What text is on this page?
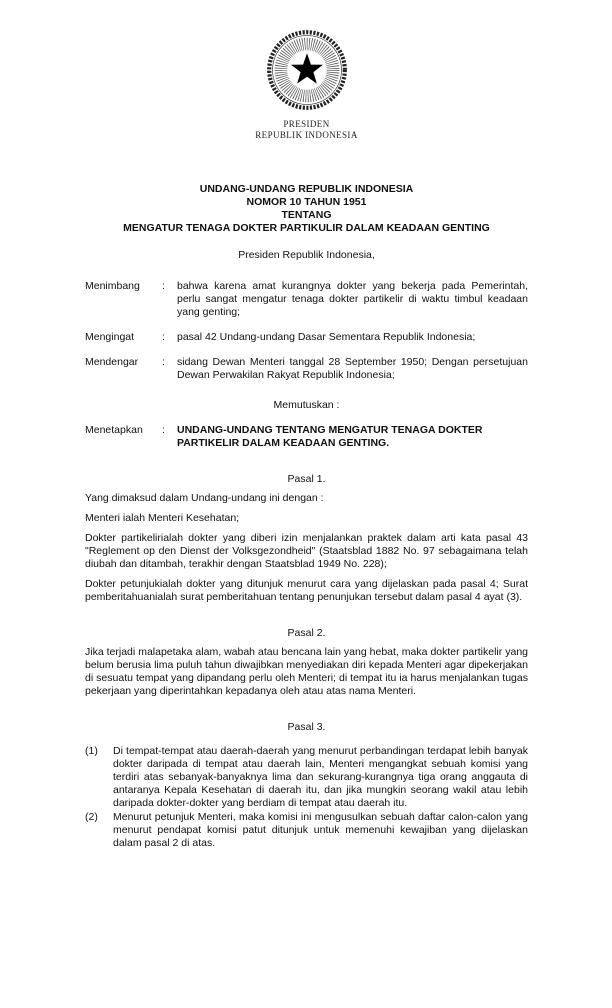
PRESIDEN
REPUBLIK INDONESIA
UNDANG-UNDANG REPUBLIK INDONESIA
NOMOR 10 TAHUN 1951
TENTANG
MENGATUR TENAGA DOKTER PARTIKULIR DALAM KEADAAN GENTING
Presiden Republik Indonesia,
Menimbang	:	bahwa karena amat kurangnya dokter yang bekerja pada Pemerintah, perlu sangat mengatur tenaga dokter partikelir di waktu timbul keadaan yang genting;
Mengingat	:	pasal 42 Undang-undang Dasar Sementara Republik Indonesia;
Mendengar	:	sidang Dewan Menteri tanggal 28 September 1950; Dengan persetujuan Dewan Perwakilan Rakyat Republik Indonesia;
Memutuskan :
Menetapkan	:	UNDANG-UNDANG TENTANG MENGATUR TENAGA DOKTER PARTIKELIR DALAM KEADAAN GENTING.
Pasal 1.
Yang dimaksud dalam Undang-undang ini dengan :
Menteri ialah Menteri Kesehatan;
Dokter partikelirialah dokter yang diberi izin menjalankan praktek dalam arti kata pasal 43 "Reglement op den Dienst der Volksgezondheid" (Staatsblad 1882 No. 97 sebagaimana telah diubah dan ditambah, terakhir dengan Staatsblad 1949 No. 228);
Dokter petunjukialah dokter yang ditunjuk menurut cara yang dijelaskan pada pasal 4; Surat pemberitahuanialah surat pemberitahuan tentang penunjukan tersebut dalam pasal 4 ayat (3).
Pasal 2.
Jika terjadi malapetaka alam, wabah atau bencana lain yang hebat, maka dokter partikelir yang belum berusia lima puluh tahun diwajibkan menyediakan diri kepada Menteri agar dipekerjakan di sesuatu tempat yang dipandang perlu oleh Menteri; di tempat itu ia harus menjalankan tugas pekerjaan yang diperintahkan kepadanya oleh atau atas nama Menteri.
Pasal 3.
(1)	Di tempat-tempat atau daerah-daerah yang menurut perbandingan terdapat lebih banyak dokter daripada di tempat atau daerah lain, Menteri mengangkat sebuah komisi yang terdiri atas sebanyak-banyaknya lima dan sekurang-kurangnya tiga orang anggauta di antaranya Kepala Kesehatan di daerah itu, dan jika mungkin seorang wakil atau lebih daripada dokter-dokter yang berdiam di tempat atau daerah itu.
(2)	Menurut petunjuk Menteri, maka komisi ini mengusulkan sebuah daftar calon-calon yang menurut pendapat komisi patut ditunjuk untuk memenuhi kewajiban yang dijelaskan dalam pasal 2 di atas.
